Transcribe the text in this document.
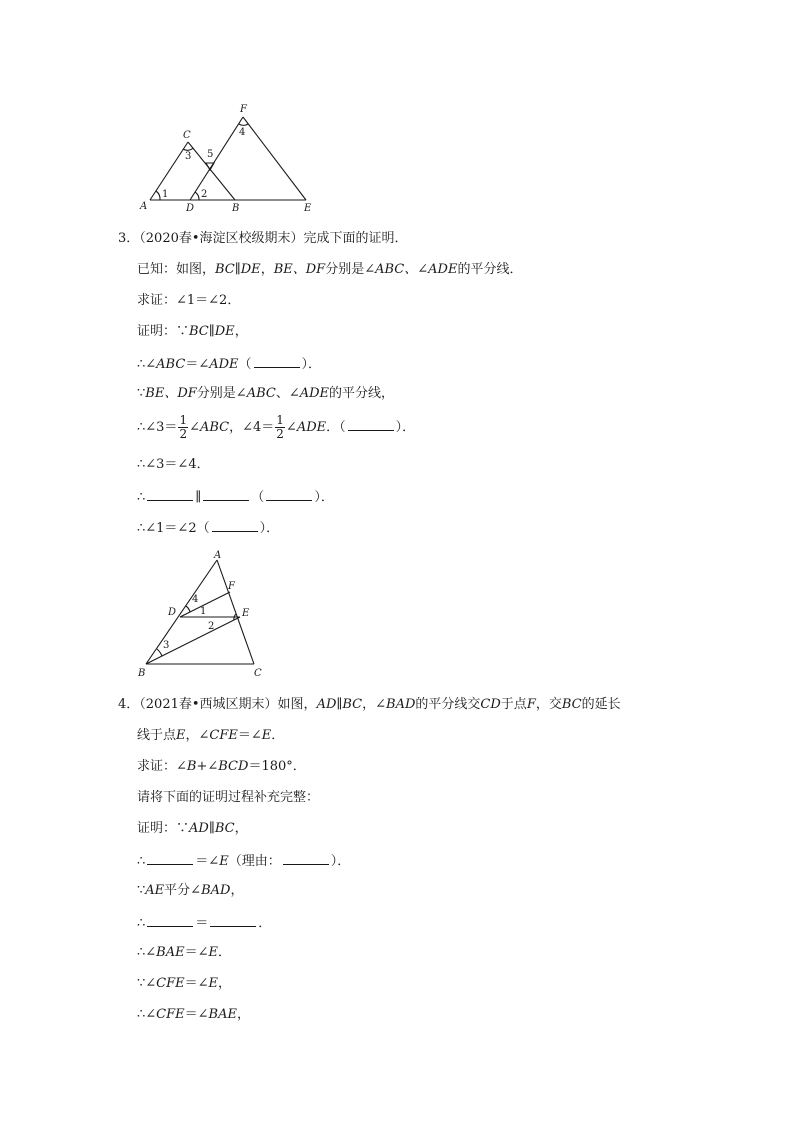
A	B
C
D	E
F
1	2
3
4
5
3．（2020春•海淀区校级期末）完成下面的证明．
已知：如图，BC∥DE，BE、DF分别是∠ABC、∠ADE的平分线．
求证：∠1＝∠2．
证明：∵BC∥DE，
∴∠ABC＝∠ADE（	）．
∵BE、DF分别是∠ABC、∠ADE的平分线，
∴∠3＝ $\frac{1}{2}$ ∠ABC，∠4＝ $\frac{1}{2}$ ∠ADE．（	）．
∴∠3＝∠4．
∴	∥	（	）．
∴∠1＝∠2（	）．
A
B	C
D	E
F
1
2
3
4
4．（2021春•西城区期末）如图，AD∥BC，∠BAD的平分线交CD于点F，交BC的延长
线于点E，∠CFE＝∠E．
求证：∠B+∠BCD＝180°．
请将下面的证明过程补充完整：
证明：∵AD∥BC，
∴	＝∠E（理由：	）．
∵AE平分∠BAD，
∴	＝	．
∴∠BAE＝∠E．
∵∠CFE＝∠E，
∴∠CFE＝∠BAE，
